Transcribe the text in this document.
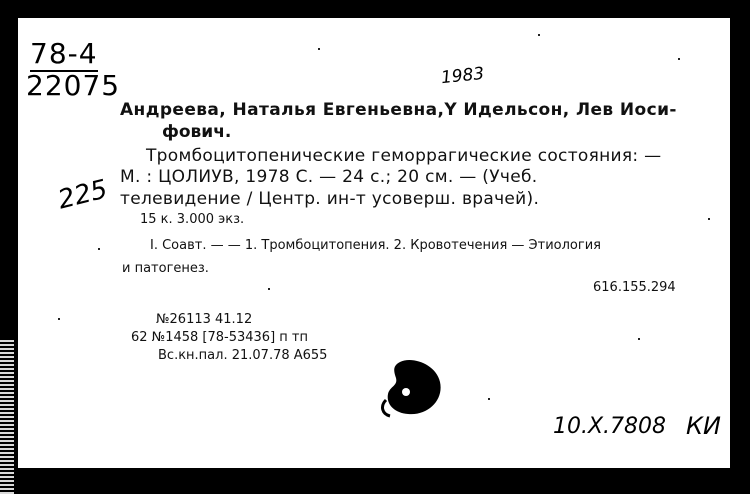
78-4
22075	1983
225
Андреева, Наталья Евгеньевна,Y Идельсон, Лев Иоси-
фович.
Тромбоцитопенические геморрагические состояния: —
М. : ЦОЛИУВ, 1978 С. — 24 с.; 20 см. — (Учеб.
телевидение / Центр. ин-т усоверш. врачей).
15 к. 3.000 экз.
I. Соавт. — — 1. Тромбоцитопения. 2. Кровотечения — Этиология
и патогенез.
616.155.294
№26113 41.12
62 №1458 [78-53436] п тп
Вс.кн.пал. 21.07.78 А655
10.X.7808 КИ
